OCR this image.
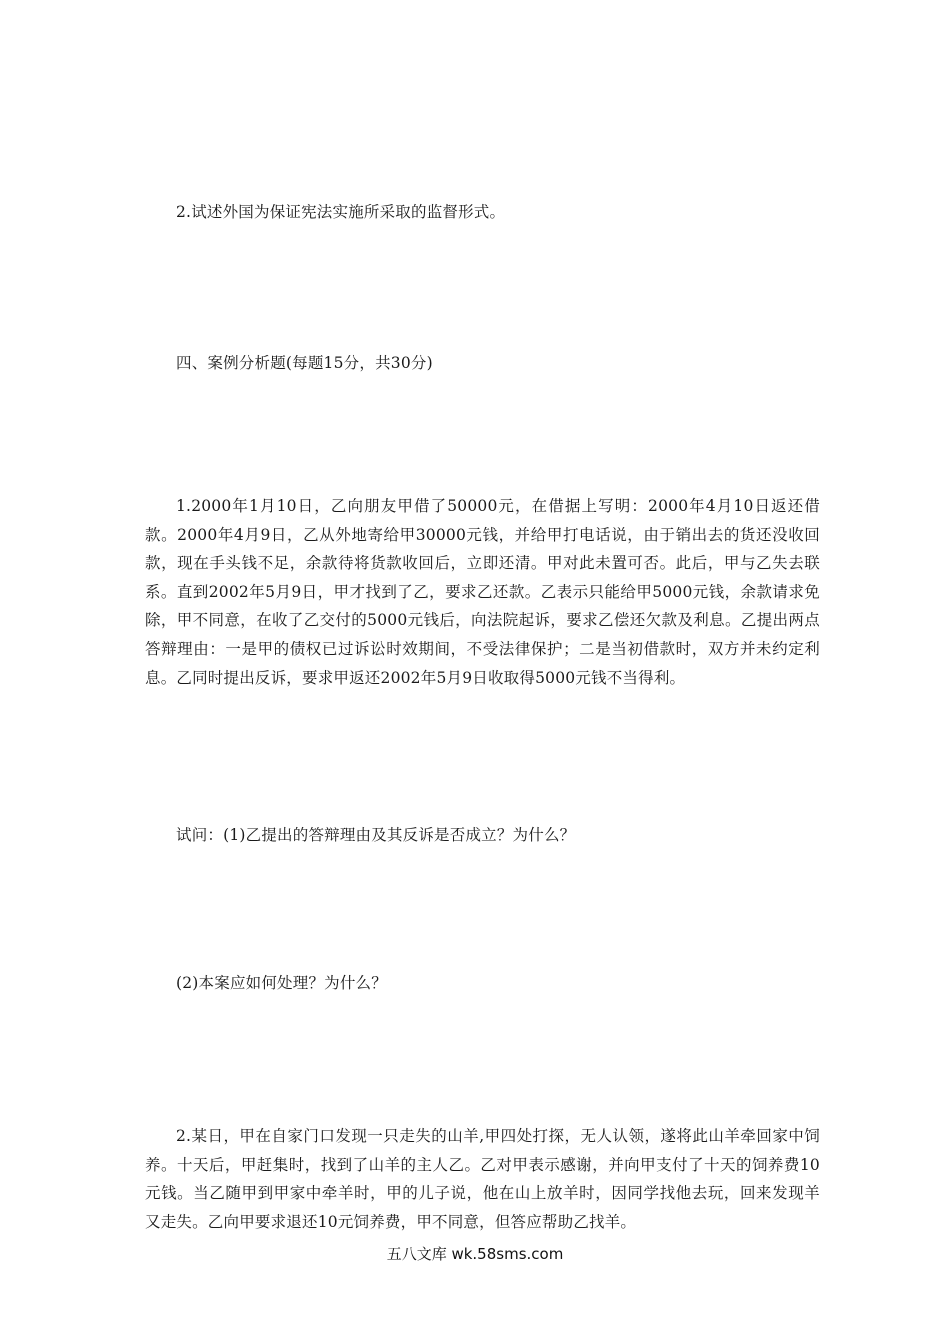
2.试述外国为保证宪法实施所采取的监督形式。
四、案例分析题(每题15分，共30分)
1.2000年1月10日，乙向朋友甲借了50000元，在借据上写明：2000年4月10日返还借款。2000年4月9日，乙从外地寄给甲30000元钱，并给甲打电话说，由于销出去的货还没收回款，现在手头钱不足，余款待将货款收回后，立即还清。甲对此未置可否。此后，甲与乙失去联系。直到2002年5月9日，甲才找到了乙，要求乙还款。乙表示只能给甲5000元钱，余款请求免除，甲不同意，在收了乙交付的5000元钱后，向法院起诉，要求乙偿还欠款及利息。乙提出两点答辩理由：一是甲的债权已过诉讼时效期间，不受法律保护；二是当初借款时，双方并未约定利息。乙同时提出反诉，要求甲返还2002年5月9日收取得5000元钱不当得利。
试问：(1)乙提出的答辩理由及其反诉是否成立？为什么？
(2)本案应如何处理？为什么？
2.某日，甲在自家门口发现一只走失的山羊,甲四处打探，无人认领，遂将此山羊牵回家中饲养。十天后，甲赶集时，找到了山羊的主人乙。乙对甲表示感谢，并向甲支付了十天的饲养费10元钱。当乙随甲到甲家中牵羊时，甲的儿子说，他在山上放羊时，因同学找他去玩，回来发现羊又走失。乙向甲要求退还10元饲养费，甲不同意，但答应帮助乙找羊。
五八文库 wk.58sms.com
